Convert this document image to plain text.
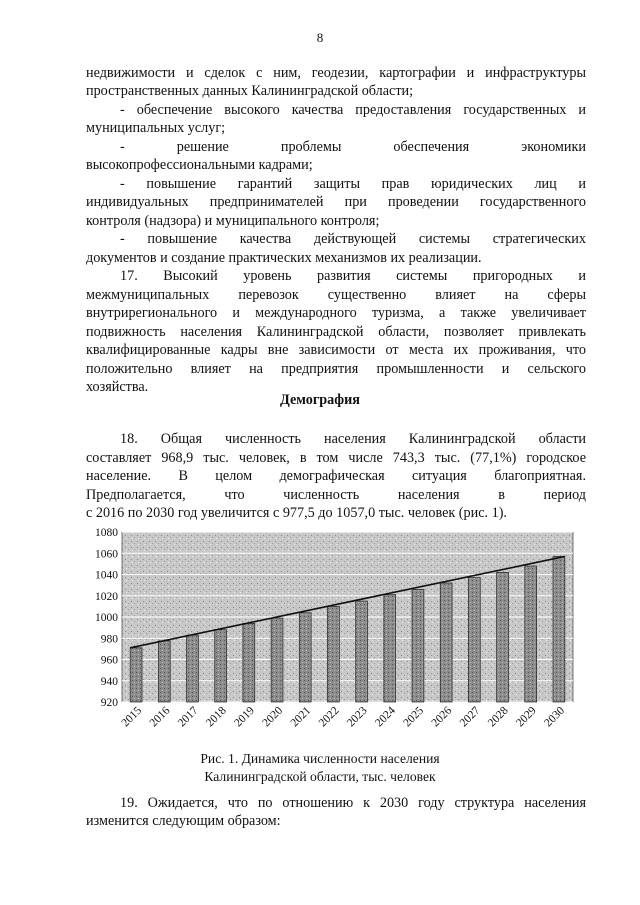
8

недвижимости и сделок с ним, геодезии, картографии и инфраструктуры

пространственных данных Калининградской области;

- обеспечение высокого качества предоставления государственных и

муниципальных услуг;

- решение проблемы обеспечения экономики

высокопрофессиональными кадрами;

- повышение гарантий защиты прав юридических лиц и

индивидуальных предпринимателей при проведении государственного

контроля (надзора) и муниципального контроля;

- повышение качества действующей системы стратегических

документов и создание практических механизмов их реализации.

17. Высокий уровень развития системы пригородных и

межмуниципальных перевозок существенно влияет на сферы

внутрирегионального и международного туризма, а также увеличивает

подвижность населения Калининградской области, позволяет привлекать

квалифицированные кадры вне зависимости от места их проживания, что

положительно влияет на предприятия промышленности и сельского

хозяйства.

Демография

18. Общая численность населения Калининградской области

составляет 968,9 тыс. человек, в том числе 743,3 тыс. (77,1%) городское

население. В целом демографическая ситуация благоприятная.

Предполагается, что численность населения в период

с 2016 по 2030 год увеличится с 977,5 до 1057,0 тыс. человек (рис. 1).

920
940
960
980
1000
1020
1040
1060
1080
2015 2016 2017 2018 2019 2020 2021 2022 2023 2024 2025 2026 2027 2028 2029 2030
Рис. 1. Динамика численности населения
Калининградской области, тыс. человек

19. Ожидается, что по отношению к 2030 году структура населения

изменится следующим образом:
